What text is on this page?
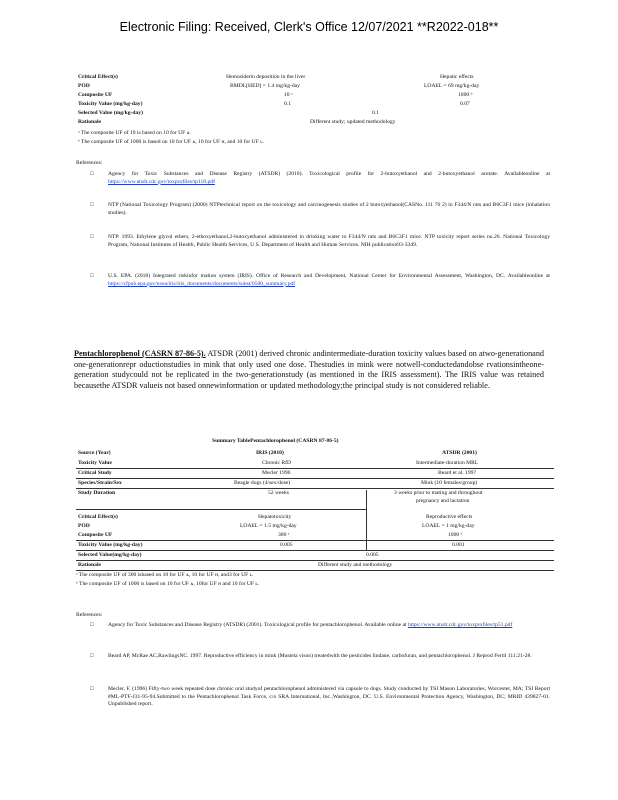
Electronic Filing: Received, Clerk's Office 12/07/2021 **R2022-018**
Critical Effect(s)	Hemosiderin deposition in the liver	Hepatic effects
POD	BMDL[HED] = 1.4 mg/kg-day	LOAEL = 69 mg/kg-day
Composite UF	10 ᵃ	1000 ᵇ
Toxicity Value (mg/kg-day)	0.1	0.07
Selected Value (mg/kg-day)	0.1
Rationale	Different study; updated methodology
ᵃ The composite UF of 10 is based on 10 for UF ᴀ.
ᵇ The composite UF of 1000 is based on 10 for UF ᴀ, 10 for UF ʜ, and 10 for UF ʟ.
References:
□	Agency for Toxic Substances and Disease Registry (ATSDR) (2010). Toxicological profile for 2-butoxyethanol and 2-butoxyethanol acetate. Availableonline at https://www.atsdr.cdc.gov/toxprofiles/tp118.pdf
□	NTP (National Toxicology Program) (2000) NTPtechnical report on the toxicology and carcinogenesis studies of 2 butoxyethanol(CASNo. 111 76 2) in F344/N rats and B6C3F1 mice (inhalation studies).
□	NTP. 1993. Ethylene glycol ethers, 2-ethoxyethanol,2-butoxyethanol administered in drinking water to F344/N rats and B6C3F1 mice. NTP toxicity report series no.26. National Toxicology Program, National Institutes of Health, Public Health Services, U.S. Department of Health and Human Services. NIH publication93-3349.
□	U.S. EPA. (2018) Integrated riskinfor mation system (IRIS). Office of Research and Development, National Center for Environmental Assessment, Washington, DC. Availableonline at https://cfpub.epa.gov/ncea/iris/iris_documents/documents/subst/0500_summary.pdf
Pentachlorophenol (CASRN 87-86-5). ATSDR (2001) derived chronic andintermediate-duration toxicity values based on atwo-generationand one-generationrepr oductionstudies in mink that only used one dose. Thestudies in mink were notwell-conductedandobse rvationsintheone-generation studycould not be replicated in the two-generationstudy (as mentioned in the IRIS assessment). The IRIS value was retained becausethe ATSDR valueis not based onnewinformation or updated methodology;the principal study is not considered reliable.
Summary TablePentachlorophenol (CASRN 87-86-5)
Source (Year)	IRIS (2010)	ATSDR (2001)
Toxicity Value	Chronic RfD	Intermediate-duration MRL
Critical Study	Mecler 1996	Beard et al. 1997
Species/Strain/Sex	Beagle dogs (4/sex/dose)	Mink (10 females/group)
Study Duration	52 weeks	3 weeks prior to mating and throughout
pregnancy and lactation
Critical Effect(s)	Hepatotoxicity	Reproductive effects
POD	LOAEL = 1.5 mg/kg-day	LOAEL = 1 mg/kg-day
Composite UF	300 ᵃ	1000 ᵇ
Toxicity Value (mg/kg-day)	0.005	0.001
Selected Value(mg/kg-day)	0.005
Rationale	Different study and methodology
ᵃ The composite UF of 300 isbased on 10 for UF ᴀ, 10 for UF ʜ, and3 for UF ʟ.
ᵇ The composite UF of 1000 is based on 10 for UF ᴀ, 10for UF ʜ and 10 for UF ʟ.
References:
□	Agency for Toxic Substances and Disease Registry (ATSDR) (2001). Toxicological profile for pentachlorophenol. Available online at https://www.atsdr.cdc.gov/toxprofiles/tp51.pdf
□	Beard AP, McRae AC,RawlingsNC. 1997. Reproductive efficiency in mink (Mustela vison) treatedwith the pesticides lindane, carbofuran, and pentachlorophenol. J Reprod Fertil 111:21-28.
□	Mecler, F. (1996) Fifty-two week repeated dose chronic oral studyof pentachlorophenol administered via capsule to dogs. Study conducted by TSI Mason Laboratories, Worcester, MA; TSI Report #ML-PTF-J31-95-94.Submitted to the Pentachlorophenol Task Force, c/o SRA International, Inc.,Washington, DC. U.S. Environmental Protection Agency, Washington, DC; MRID 439827-01. Unpublished report.
